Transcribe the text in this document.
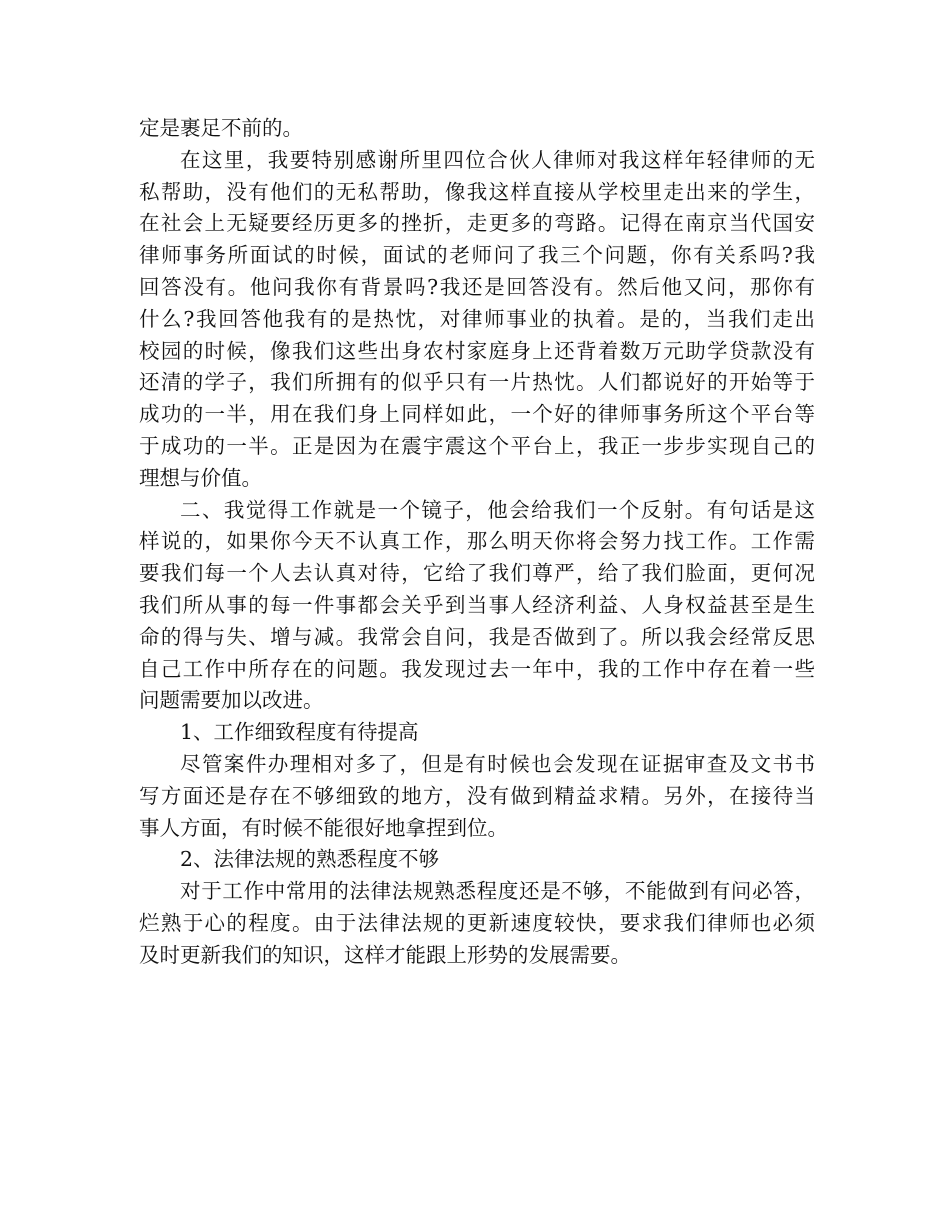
定是裹足不前的。
在这里，我要特别感谢所里四位合伙人律师对我这样年轻律师的无
私帮助，没有他们的无私帮助，像我这样直接从学校里走出来的学生，
在社会上无疑要经历更多的挫折，走更多的弯路。记得在南京当代国安
律师事务所面试的时候，面试的老师问了我三个问题，你有关系吗?我
回答没有。他问我你有背景吗?我还是回答没有。然后他又问，那你有
什么?我回答他我有的是热忱，对律师事业的执着。是的，当我们走出
校园的时候，像我们这些出身农村家庭身上还背着数万元助学贷款没有
还清的学子，我们所拥有的似乎只有一片热忱。人们都说好的开始等于
成功的一半，用在我们身上同样如此，一个好的律师事务所这个平台等
于成功的一半。正是因为在震宇震这个平台上，我正一步步实现自己的
理想与价值。
二、我觉得工作就是一个镜子，他会给我们一个反射。有句话是这
样说的，如果你今天不认真工作，那么明天你将会努力找工作。工作需
要我们每一个人去认真对待，它给了我们尊严，给了我们脸面，更何况
我们所从事的每一件事都会关乎到当事人经济利益、人身权益甚至是生
命的得与失、增与减。我常会自问，我是否做到了。所以我会经常反思
自己工作中所存在的问题。我发现过去一年中，我的工作中存在着一些
问题需要加以改进。
1、工作细致程度有待提高
尽管案件办理相对多了，但是有时候也会发现在证据审查及文书书
写方面还是存在不够细致的地方，没有做到精益求精。另外，在接待当
事人方面，有时候不能很好地拿捏到位。
2、法律法规的熟悉程度不够
对于工作中常用的法律法规熟悉程度还是不够，不能做到有问必答，
烂熟于心的程度。由于法律法规的更新速度较快，要求我们律师也必须
及时更新我们的知识，这样才能跟上形势的发展需要。
